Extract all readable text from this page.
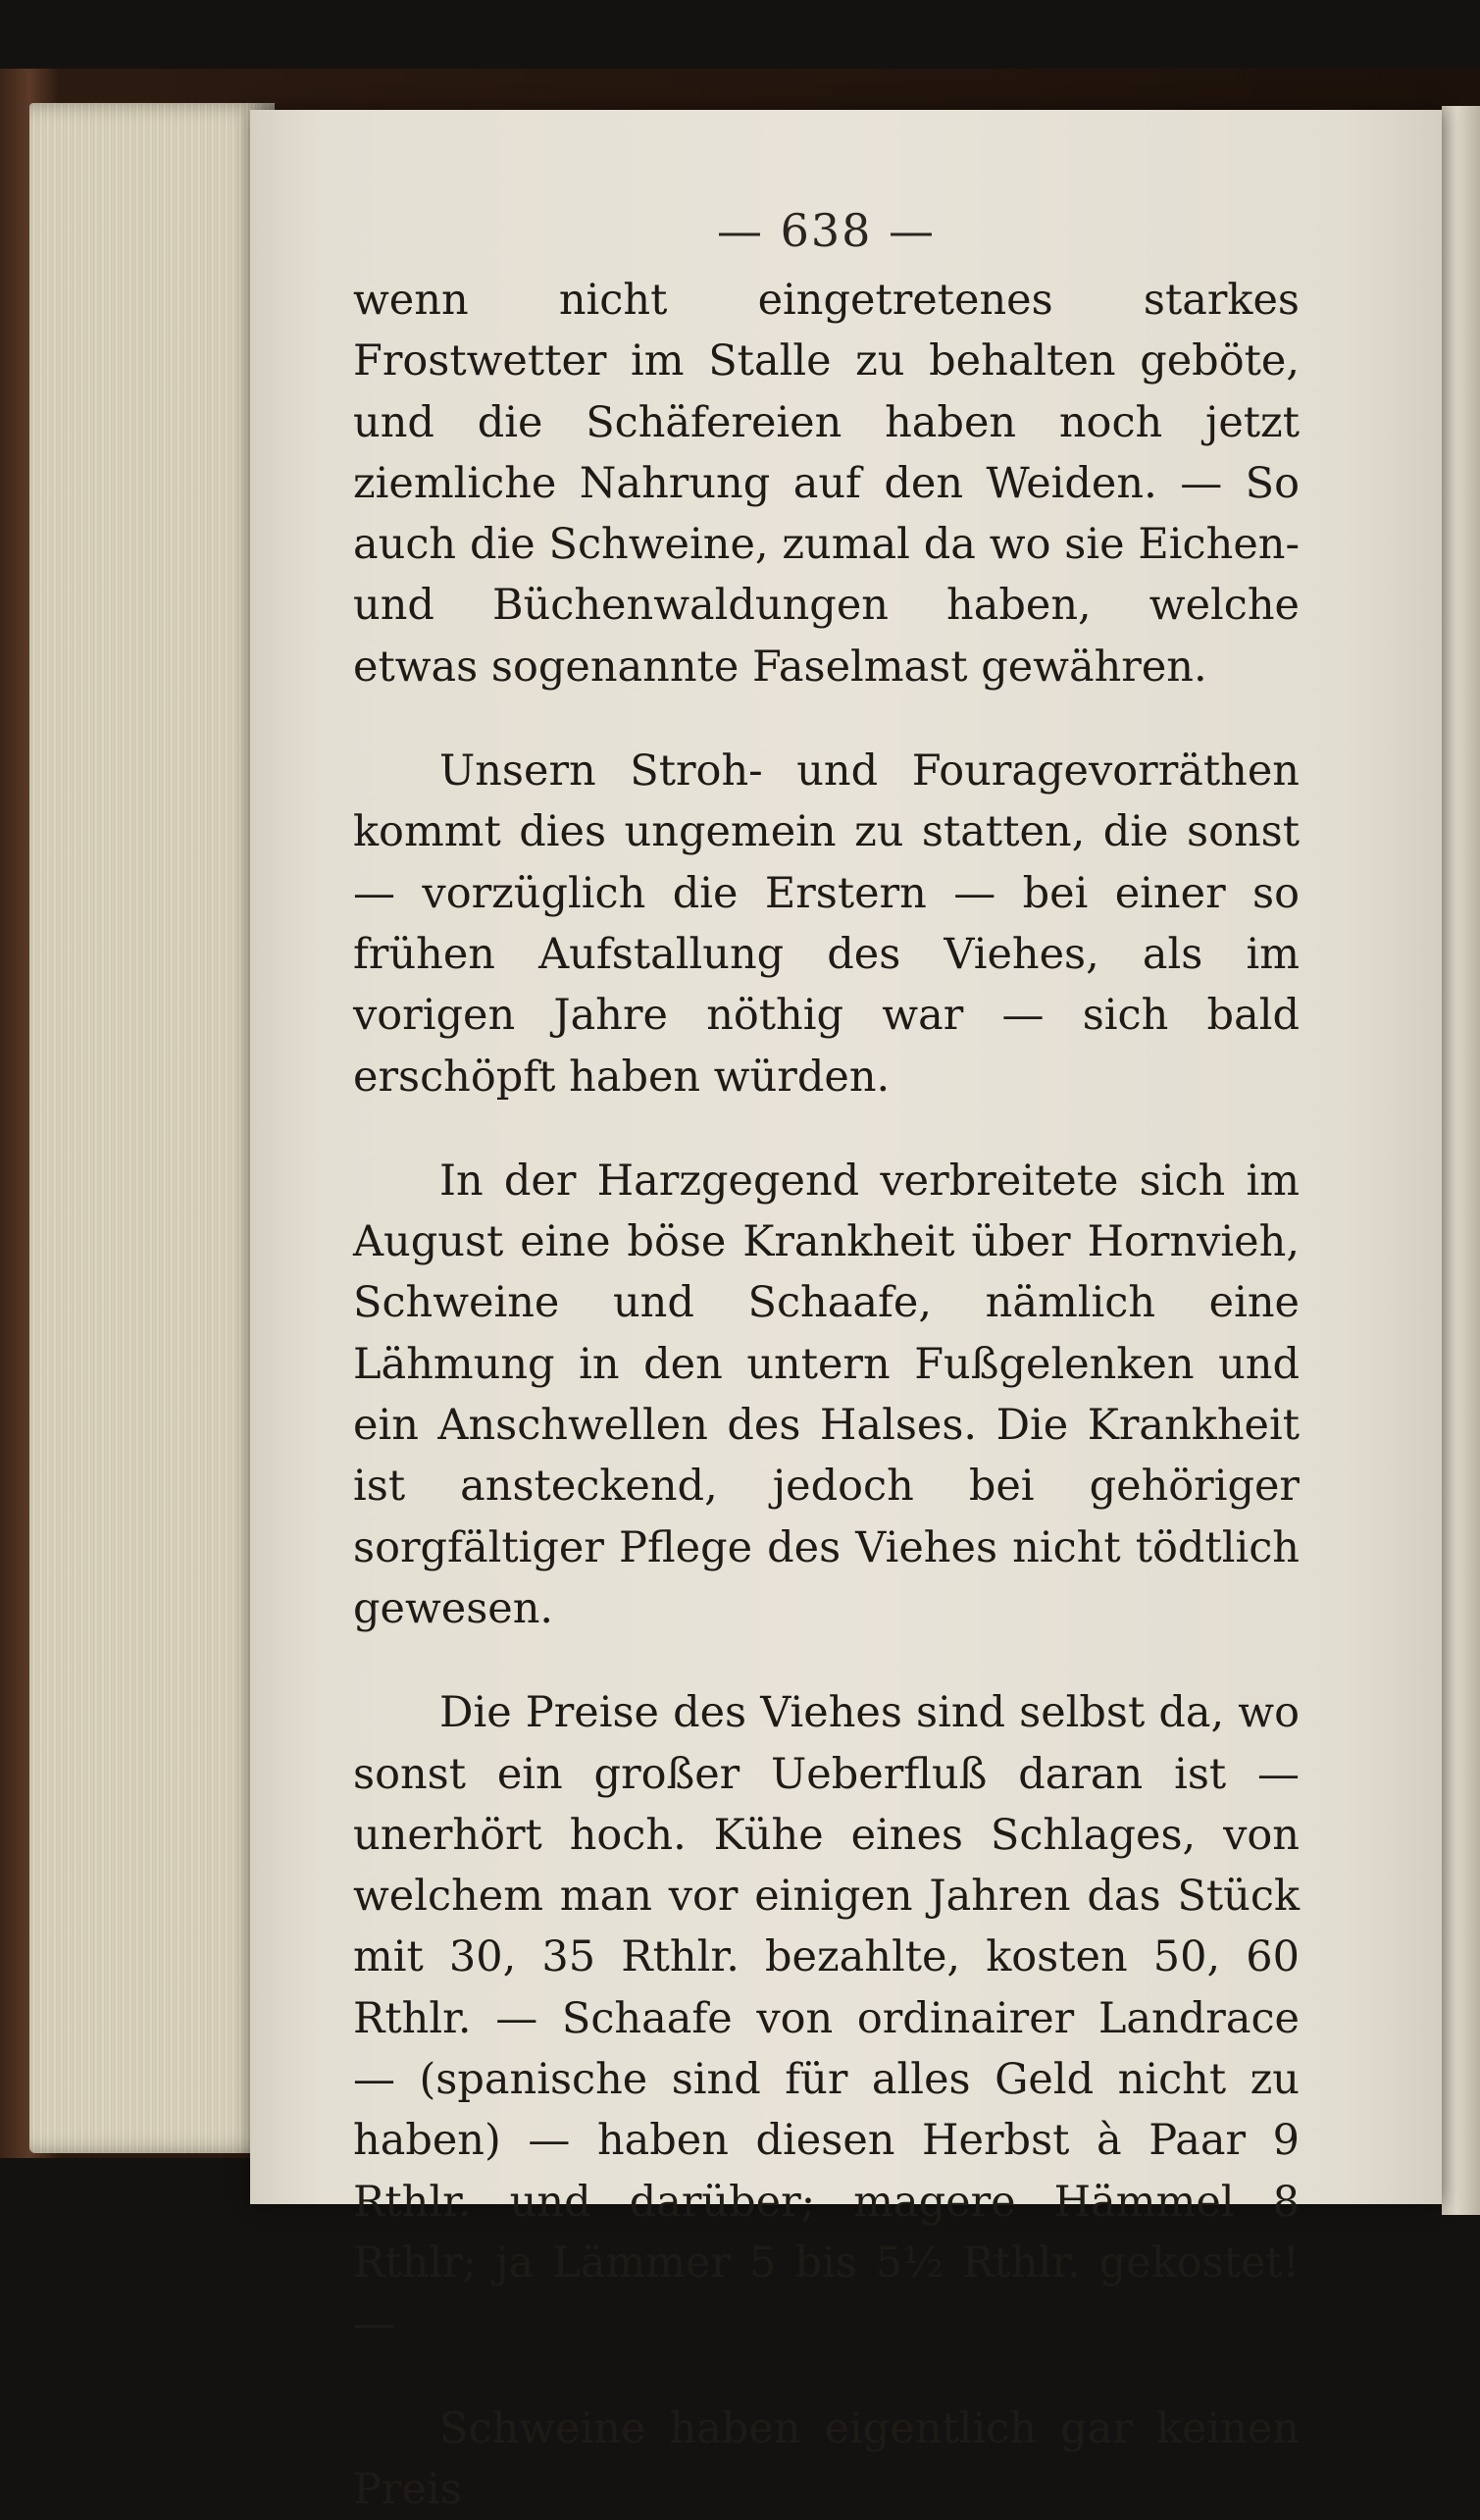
— 638 —

wenn nicht eingetretenes starkes Frostwetter im Stalle zu behalten geböte, und die Schäfereien haben noch jetzt ziemliche Nahrung auf den Weiden. — So auch die Schweine, zumal da wo sie Eichen- und Büchenwaldungen haben, welche etwas sogenannte Faselmast gewähren.

Unsern Stroh- und Fouragevorräthen kommt dies ungemein zu statten, die sonst — vorzüglich die Erstern — bei einer so frühen Aufstallung des Viehes, als im vorigen Jahre nöthig war — sich bald erschöpft haben würden.

In der Harzgegend verbreitete sich im August eine böse Krankheit über Hornvieh, Schweine und Schaafe, nämlich eine Lähmung in den untern Fußgelenken und ein Anschwellen des Halses. Die Krankheit ist ansteckend, jedoch bei gehöriger sorgfältiger Pflege des Viehes nicht tödtlich gewesen.

Die Preise des Viehes sind selbst da, wo sonst ein großer Ueberfluß daran ist — unerhört hoch. Kühe eines Schlages, von welchem man vor einigen Jahren das Stück mit 30, 35 Rthlr. bezahlte, kosten 50, 60 Rthlr. — Schaafe von ordinairer Landrace — (spanische sind für alles Geld nicht zu haben) — haben diesen Herbst à Paar 9 Rthlr. und darüber; magere Hämmel 8 Rthlr; ja Lämmer 5 bis 5½ Rthlr. gekostet! —

Schweine haben eigentlich gar keinen Preis
